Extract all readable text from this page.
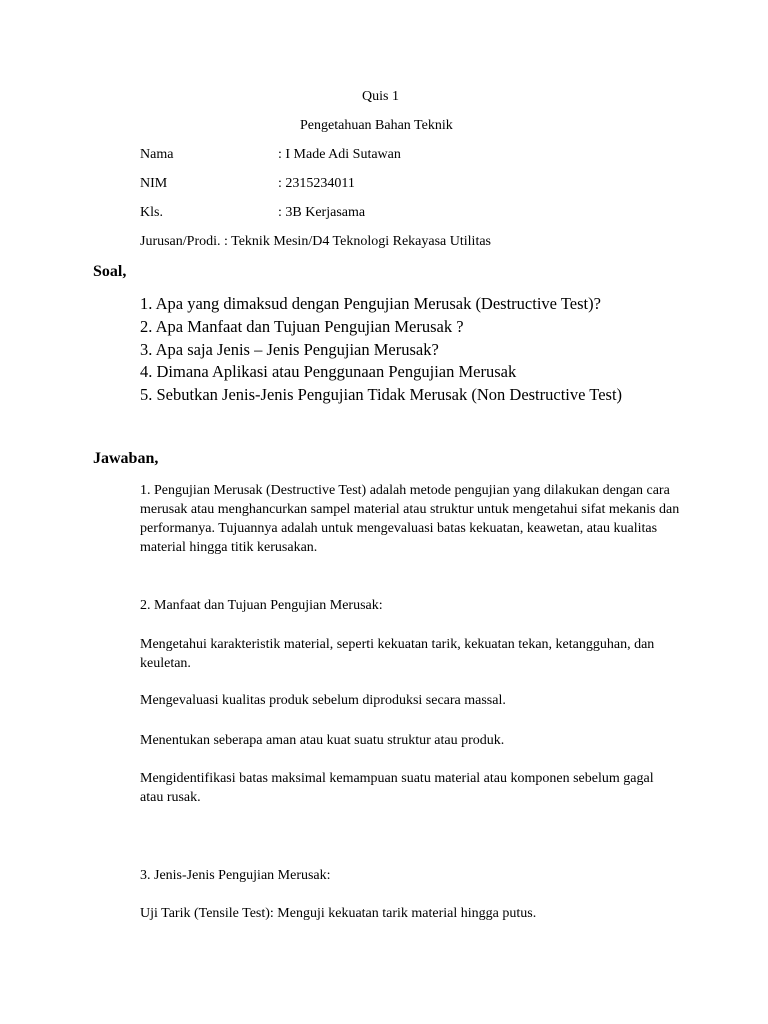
Quis 1
Pengetahuan Bahan Teknik
Nama	: I Made Adi Sutawan
NIM	: 2315234011
Kls.	: 3B Kerjasama
Jurusan/Prodi. : Teknik Mesin/D4 Teknologi Rekayasa Utilitas
Soal,
1. Apa yang dimaksud dengan Pengujian Merusak (Destructive Test)?
2. Apa Manfaat dan Tujuan Pengujian Merusak ?
3. Apa saja Jenis – Jenis Pengujian Merusak?
4. Dimana Aplikasi atau Penggunaan Pengujian Merusak
5. Sebutkan Jenis-Jenis Pengujian Tidak Merusak (Non Destructive Test)
Jawaban,
1. Pengujian Merusak (Destructive Test) adalah metode pengujian yang dilakukan dengan cara merusak atau menghancurkan sampel material atau struktur untuk mengetahui sifat mekanis dan performanya. Tujuannya adalah untuk mengevaluasi batas kekuatan, keawetan, atau kualitas material hingga titik kerusakan.
2. Manfaat dan Tujuan Pengujian Merusak:
Mengetahui karakteristik material, seperti kekuatan tarik, kekuatan tekan, ketangguhan, dan keuletan.
Mengevaluasi kualitas produk sebelum diproduksi secara massal.
Menentukan seberapa aman atau kuat suatu struktur atau produk.
Mengidentifikasi batas maksimal kemampuan suatu material atau komponen sebelum gagal atau rusak.
3. Jenis-Jenis Pengujian Merusak:
Uji Tarik (Tensile Test): Menguji kekuatan tarik material hingga putus.
